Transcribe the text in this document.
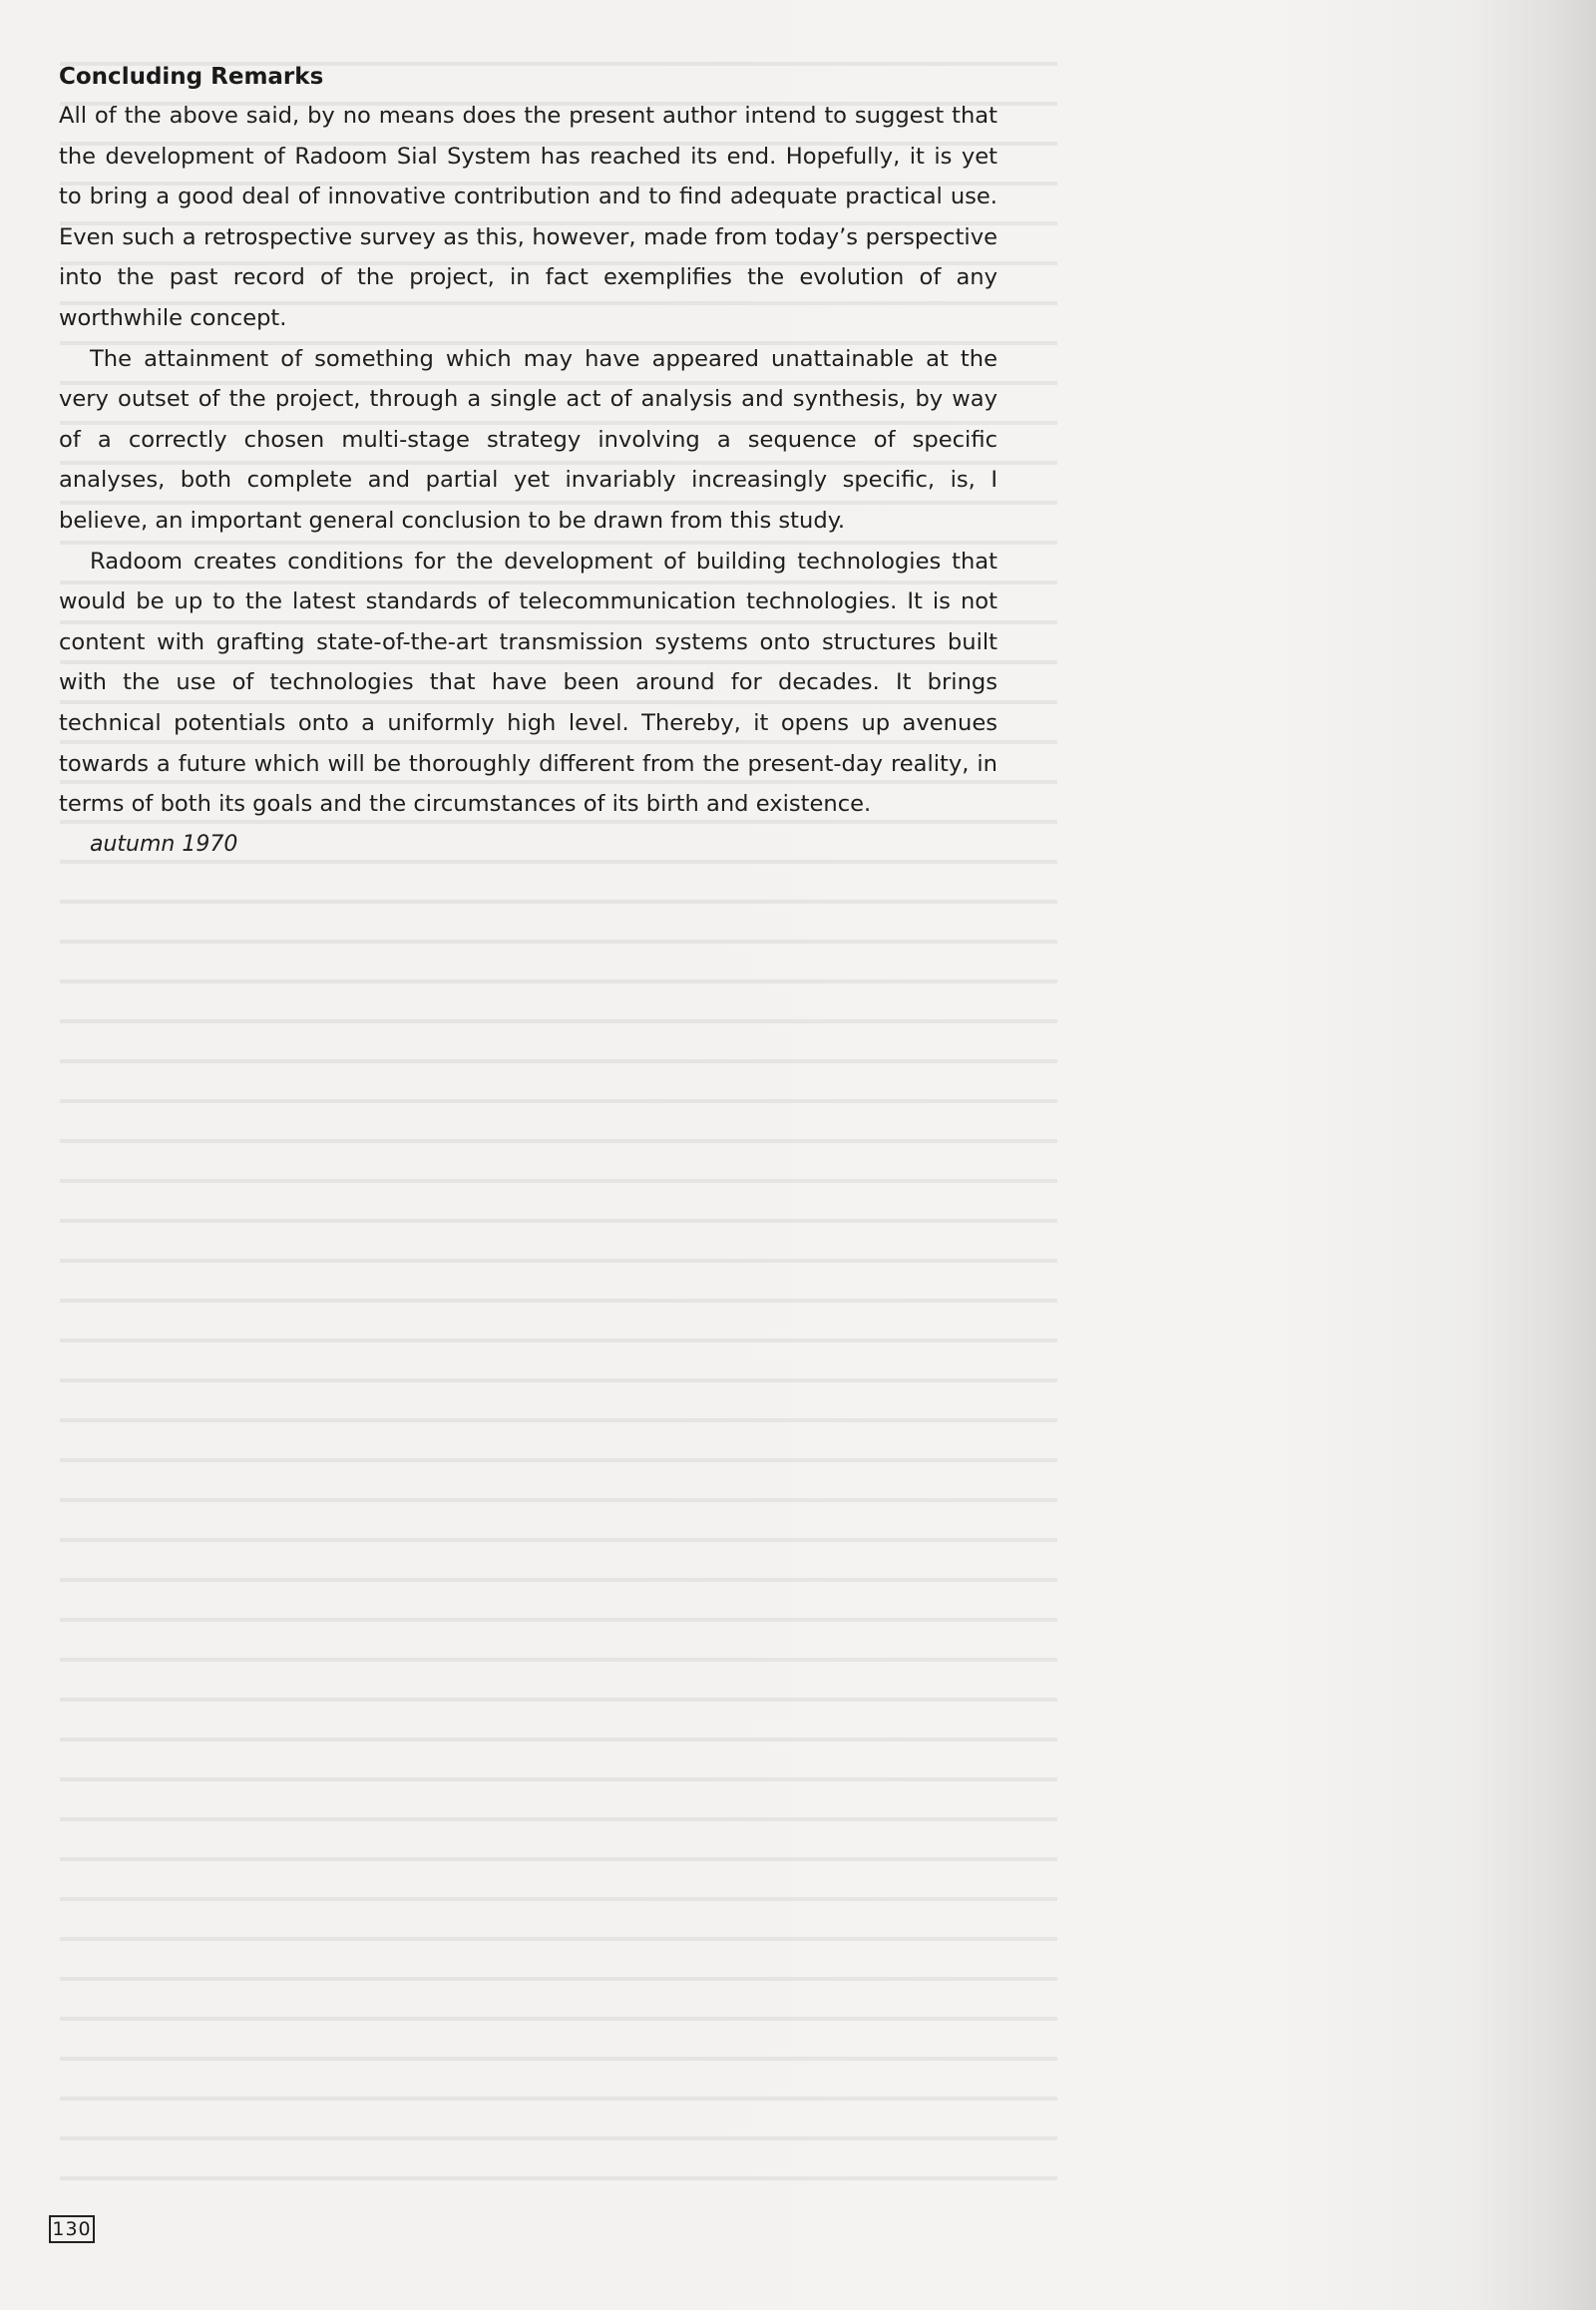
Concluding Remarks

All of the above said, by no means does the present author intend to suggest that the development of Radoom Sial System has reached its end. Hopefully, it is yet to bring a good deal of innovative contribution and to find adequate practical use. Even such a retrospective survey as this, however, made from today’s perspective into the past record of the project, in fact exemplifies the evolution of any worthwhile concept.

The attainment of something which may have appeared unattainable at the very outset of the project, through a single act of analysis and synthesis, by way of a correctly chosen multi-stage strategy involving a sequence of specific analyses, both complete and partial yet invariably increasingly specific, is, I believe, an important general conclusion to be drawn from this study.

Radoom creates conditions for the development of building technologies that would be up to the latest standards of telecommunication technologies. It is not content with grafting state-of-the-art transmission systems onto structures built with the use of technologies that have been around for decades. It brings technical potentials onto a uniformly high level. Thereby, it opens up avenues towards a future which will be thoroughly different from the present-day reality, in terms of both its goals and the circumstances of its birth and existence.

autumn 1970

130
